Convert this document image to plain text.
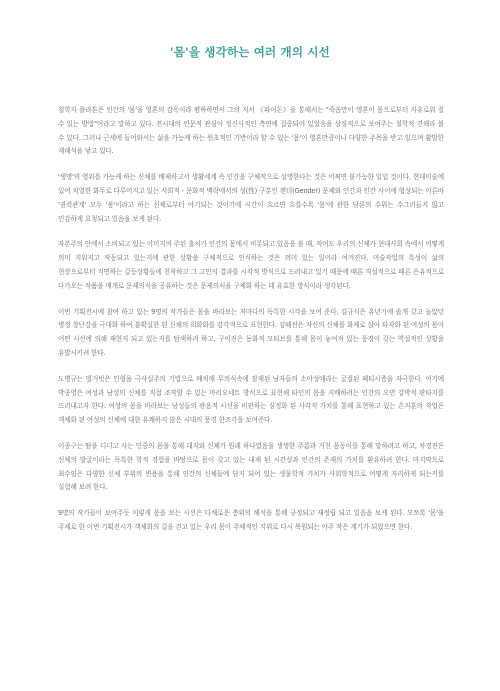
'몸'을 생각하는 여러 개의 시선

철학자 플라톤은 인간의 '몸'을 영혼의 감옥이라 폄하하면서 그의 저서 《파이돈》을 통해서는 "죽음만이 영혼이 몸으로부터 자유로워 질 수 있는 방법"이라고 말하고 있다. 전시대의 인문적 관심이 정신사적인 측면에 집중되어 있었음을 상징적으로 보여주는 철학적 견해라 볼 수 있다. 그러나 근세에 들어와서는 삶을 가능케 하는 원초적인 기반이라 할 수 있는 '몸'이 영혼만큼이나 다양한 주목을 받고 있으며 활발한 재해석을 낳고 있다.

'생명'의 영위를 가능케 하는 신체를 배제하고서 생활세계 속 인간을 구체적으로 설명한다는 것은 어쩌면 불가능한 일일 것이다. 현대미술에 있어 치열한 화두로 다루어지고 있는 사회적 - 문화적 맥락에서의 성(性) 구분인 젠더(Gender) 문제와 인간과 인간 사이에 형성되는 이른바 '권력관계' 모두 '몸'이라고 하는 신체로부터 야기되는 것이기에 시간이 흐르면 흐를수록 '몸'에 관한 담론의 수위는 수그러들지 않고 민감하게 요청되고 있음을 보게 된다.

자본주의 안에서 소비되고 있는 이미지의 주된 출처가 인간의 몸에서 비롯되고 있음을 볼 때, 적어도 우리의 신체가 현대사회 속에서 어떻게 의미 지워지고 작동되고 있는지에 관한 상황을 구체적으로 인식하는 것은 의미 있는 일이라 여겨진다. 미술작업의 특성이 삶의 현장으로부터 직면하는 갈등상황들에 천착하고 그 고민의 결과를 시각적 방식으로 드러내고 있기 때문에 때론 직설적으로 때론 은유적으로 다가오는 작품을 매개로 문제의식을 공유하는 것은 문제의식을 구체화 하는 데 유효한 방식이라 생각된다.

이번 기획전시에 참여 하고 있는 9명의 작가들은 몸을 바라보는 저마다의 독특한 시각을 보여 준다. 김규식은 유년기에 솔개 갖고 놀았던 병정 장난감을 극대화 하여 불확실한 된 신체의 희화화를 감각적으로 표현한다. 김혜진은 자신의 신체를 화제로 삼아 타자화 된 여성의 몸이 어떤 시선에 의해 재현지 되고 있는지를 탐색하려 하고, 구이진은 동화적 모티브를 통해 몸이 놓여져 있는 풍경이 갖는 역설적인 상황을 유발시키려 한다.

도병규는 벌거벗은 인형을 극사실주의 기법으로 배치해 무의식속에 잠재된 남자들의 소아성애라는 굴절된 페티시즘을 자극한다. 여기에 박종영은 여성과 남성의 신체를 직접 조작할 수 있는 마리오네트 방식으로 표현해 타인의 몸을 지배하려는 인간의 오만 강박적 판타지를 드러내고자 한다. 여성의 몸을 바라보는 남성들의 관음적 시선을 비판하는 심정화 된 사각적 가치를 통해 표현하고 있는 손지훈의 작업은 객체화 된 여성의 신체에 대한 유쾌하지 않은 시대의 풍경 한조각을 보여준다.

이종구는 땀을 디디고 사는 민중의 몸을 통해 대지와 신체가 원래 하나였음을 생생한 주름과 거친 몸동이를 통해 말하려고 하고, 차경진은 신체의 발굴이라는 독특한 학적 경험을 바탕으로 몸이 갖고 있는 내재 된 시간성과 인간의 존재의 가치를 환유하려 한다. 마지막으로 최수임은 다양한 신체 부위의 변용을 통해 인간의 신체들에 담지 되어 있는 생물학적 가치가 사회학적으로 어떻게 자리하게 되는지를 실험해 보려 한다.

9명의 작가들이 보여주듯 이렇게 몸을 보는 시선은 다채로운 층위의 해석을 통해 규정되고 재정립 되고 있음을 보게 된다. 모쪼록 '몸'을 주제로 한 이번 기획전시가 객체화의 길을 걷고 있는 우리 몸이 주체적인 지위로 다시 복원되는 아주 작은 계기가 되었으면 한다.
